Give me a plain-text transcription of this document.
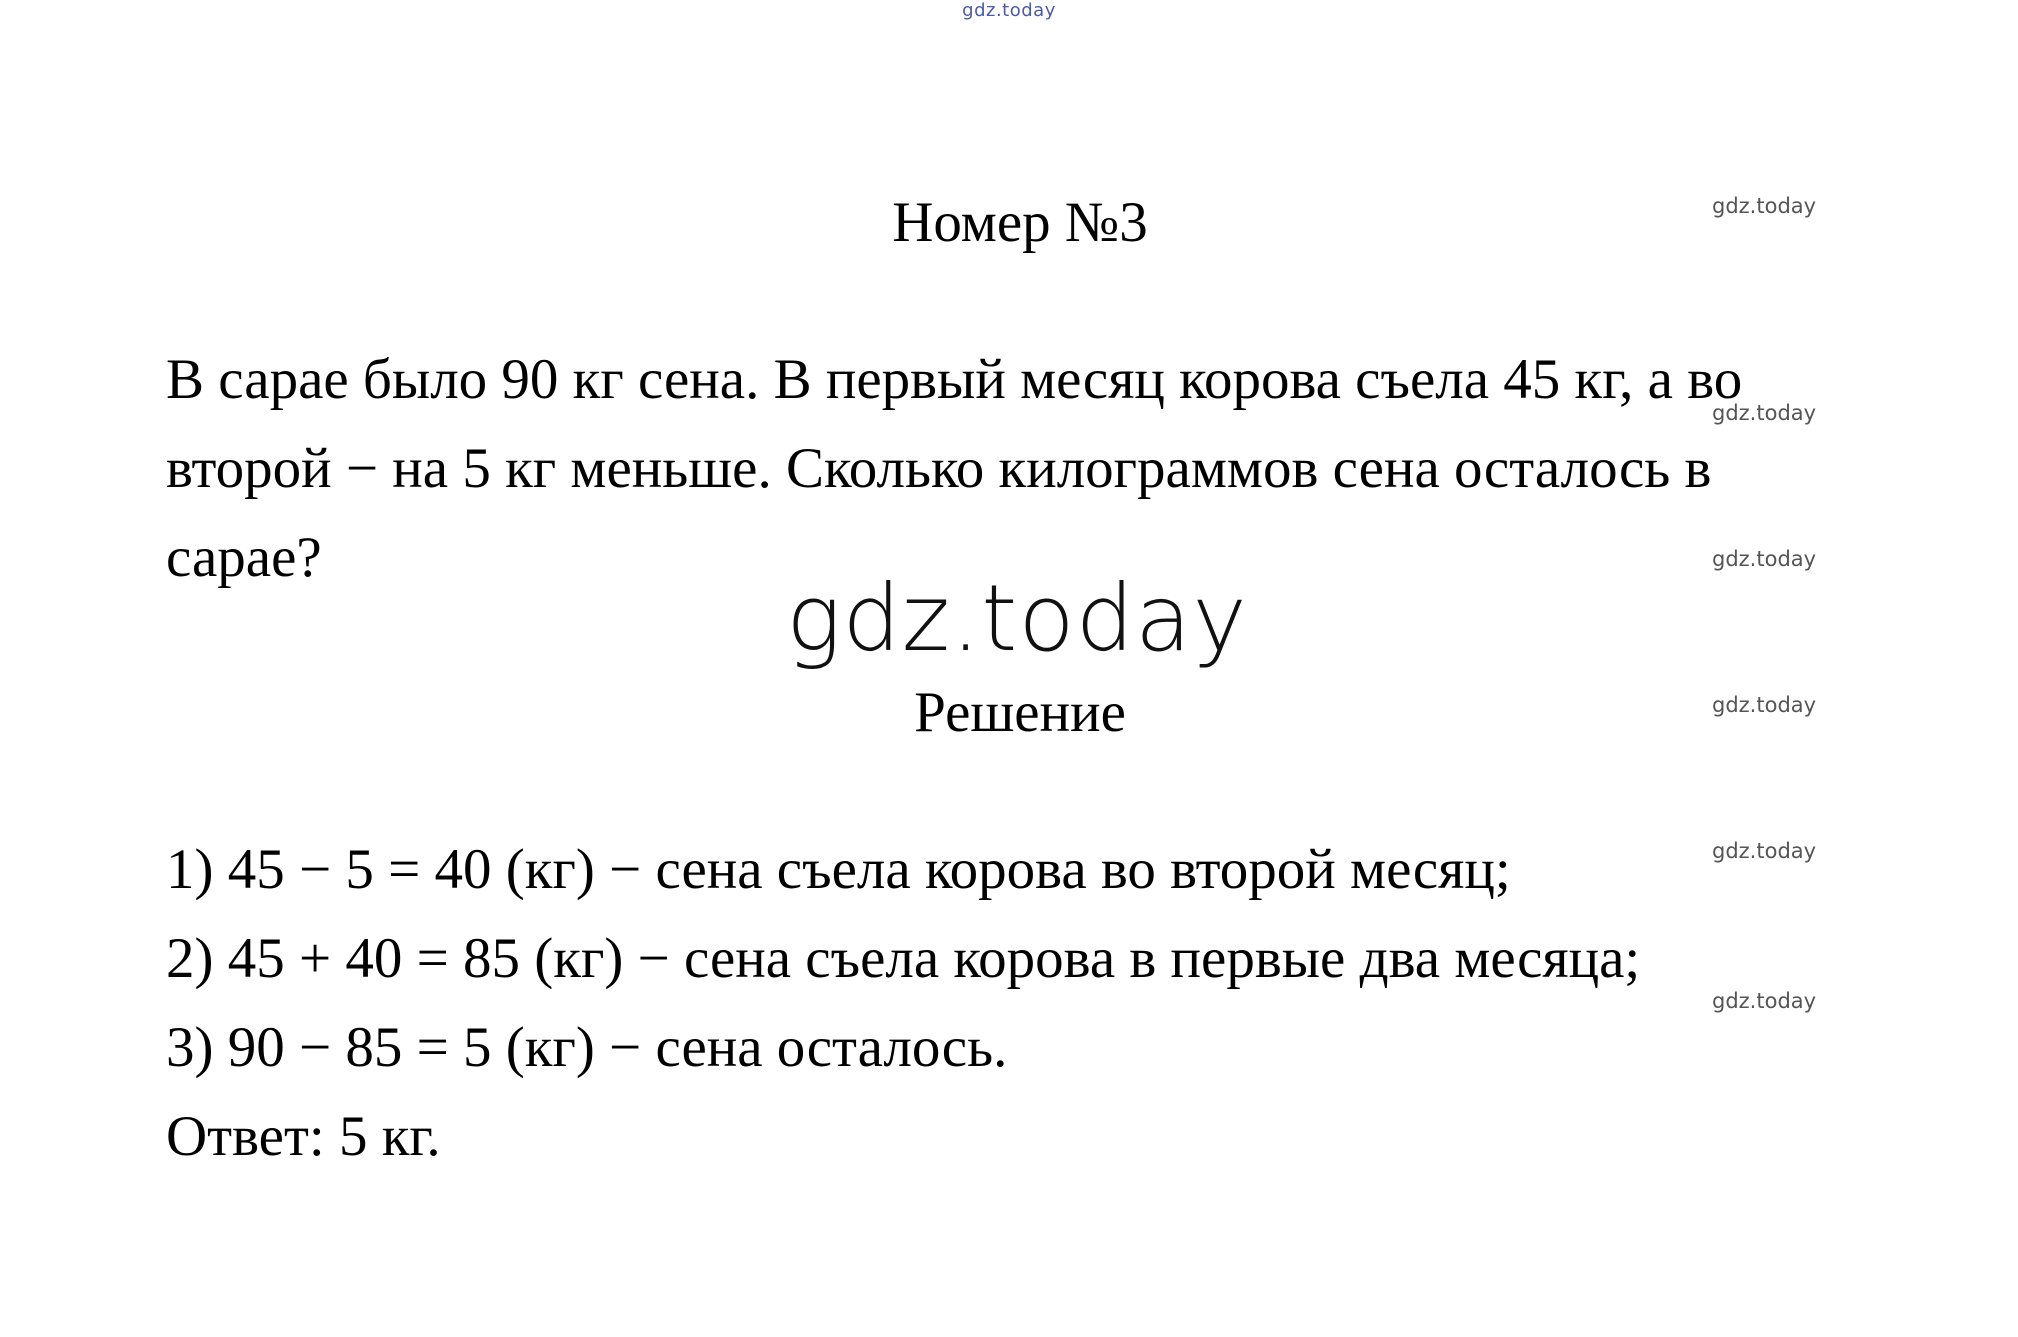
gdz.today
gdz.today
gdz.today
gdz.today
gdz.today
gdz.today
gdz.today
Номер №3
В сарае было 90 кг сена. В первый месяц корова съела 45 кг, а во
второй − на 5 кг меньше. Сколько килограммов сена осталось в
сарае?
gdz.today
Решение
1) 45 − 5 = 40 (кг) − сена съела корова во второй месяц;
2) 45 + 40 = 85 (кг) − сена съела корова в первые два месяца;
3) 90 − 85 = 5 (кг) − сена осталось.
Ответ: 5 кг.
